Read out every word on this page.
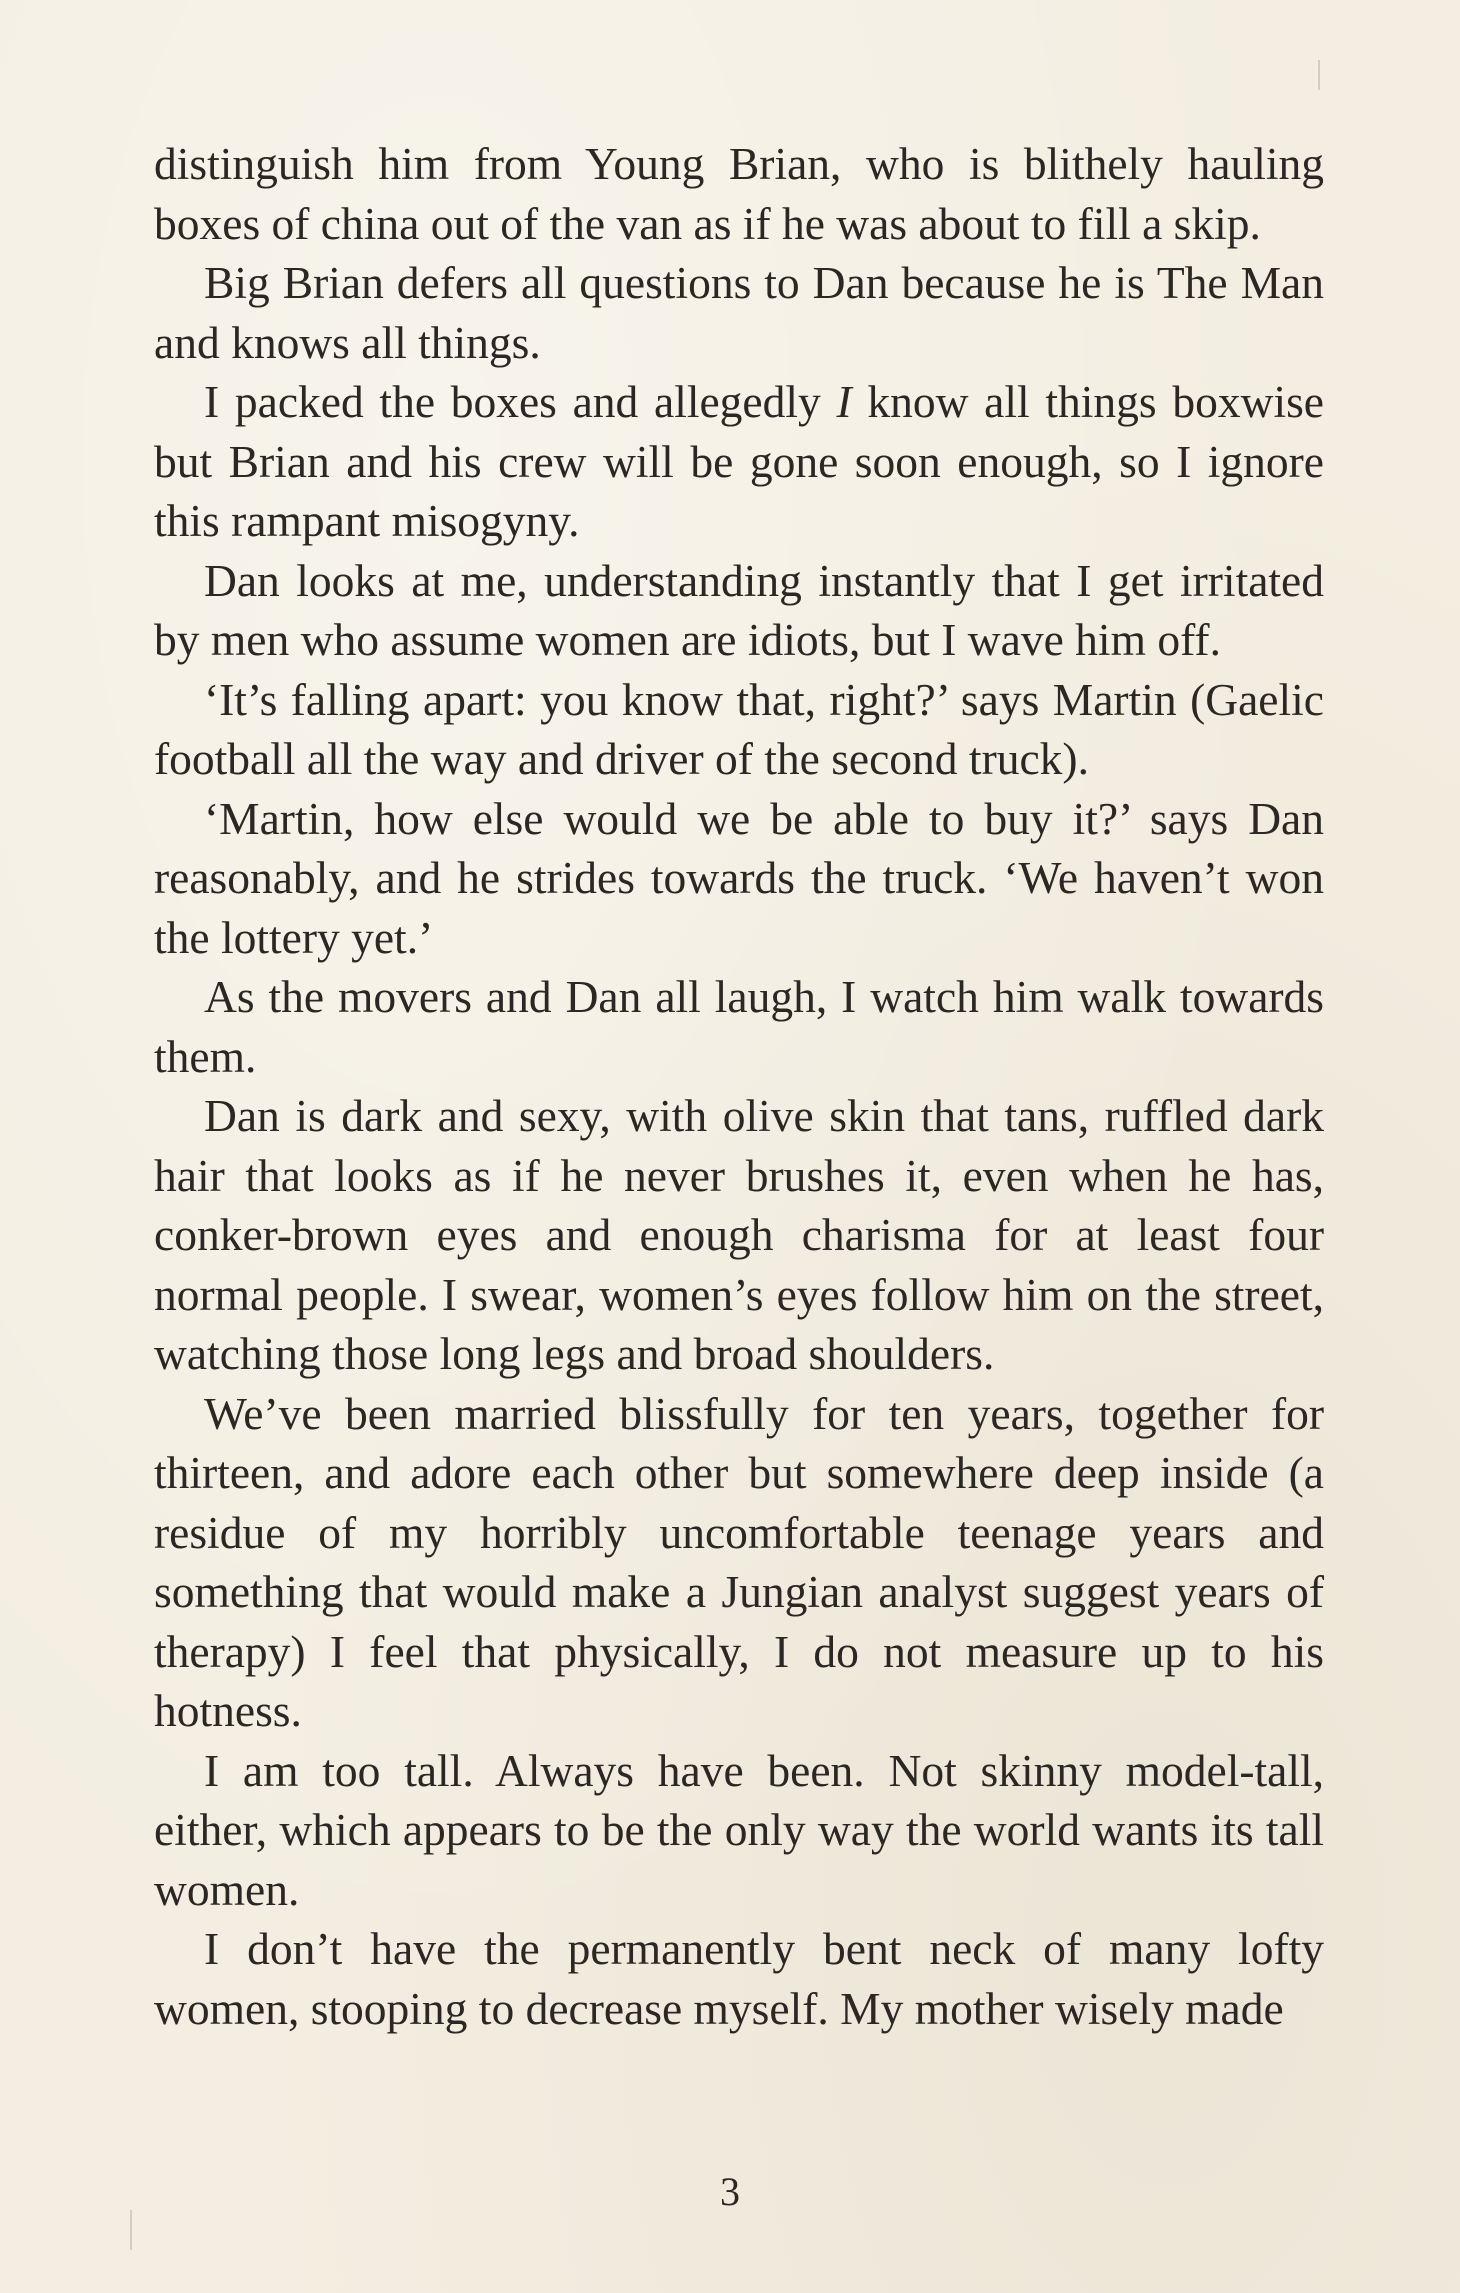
distinguish him from Young Brian, who is blithely hauling boxes of china out of the van as if he was about to fill a skip.

Big Brian defers all questions to Dan because he is The Man and knows all things.

I packed the boxes and allegedly I know all things boxwise but Brian and his crew will be gone soon enough, so I ignore this rampant misogyny.

Dan looks at me, understanding instantly that I get irritated by men who assume women are idiots, but I wave him off.

‘It’s falling apart: you know that, right?’ says Martin (Gaelic football all the way and driver of the second truck).

‘Martin, how else would we be able to buy it?’ says Dan reasonably, and he strides towards the truck. ‘We haven’t won the lottery yet.’

As the movers and Dan all laugh, I watch him walk towards them.

Dan is dark and sexy, with olive skin that tans, ruffled dark hair that looks as if he never brushes it, even when he has, conker-brown eyes and enough charisma for at least four normal people. I swear, women’s eyes follow him on the street, watching those long legs and broad shoulders.

We’ve been married blissfully for ten years, together for thirteen, and adore each other but somewhere deep inside (a residue of my horribly uncomfortable teenage years and something that would make a Jungian analyst suggest years of therapy) I feel that physically, I do not measure up to his hotness.

I am too tall. Always have been. Not skinny model-tall, either, which appears to be the only way the world wants its tall women.

I don’t have the permanently bent neck of many lofty women, stooping to decrease myself. My mother wisely made

3
